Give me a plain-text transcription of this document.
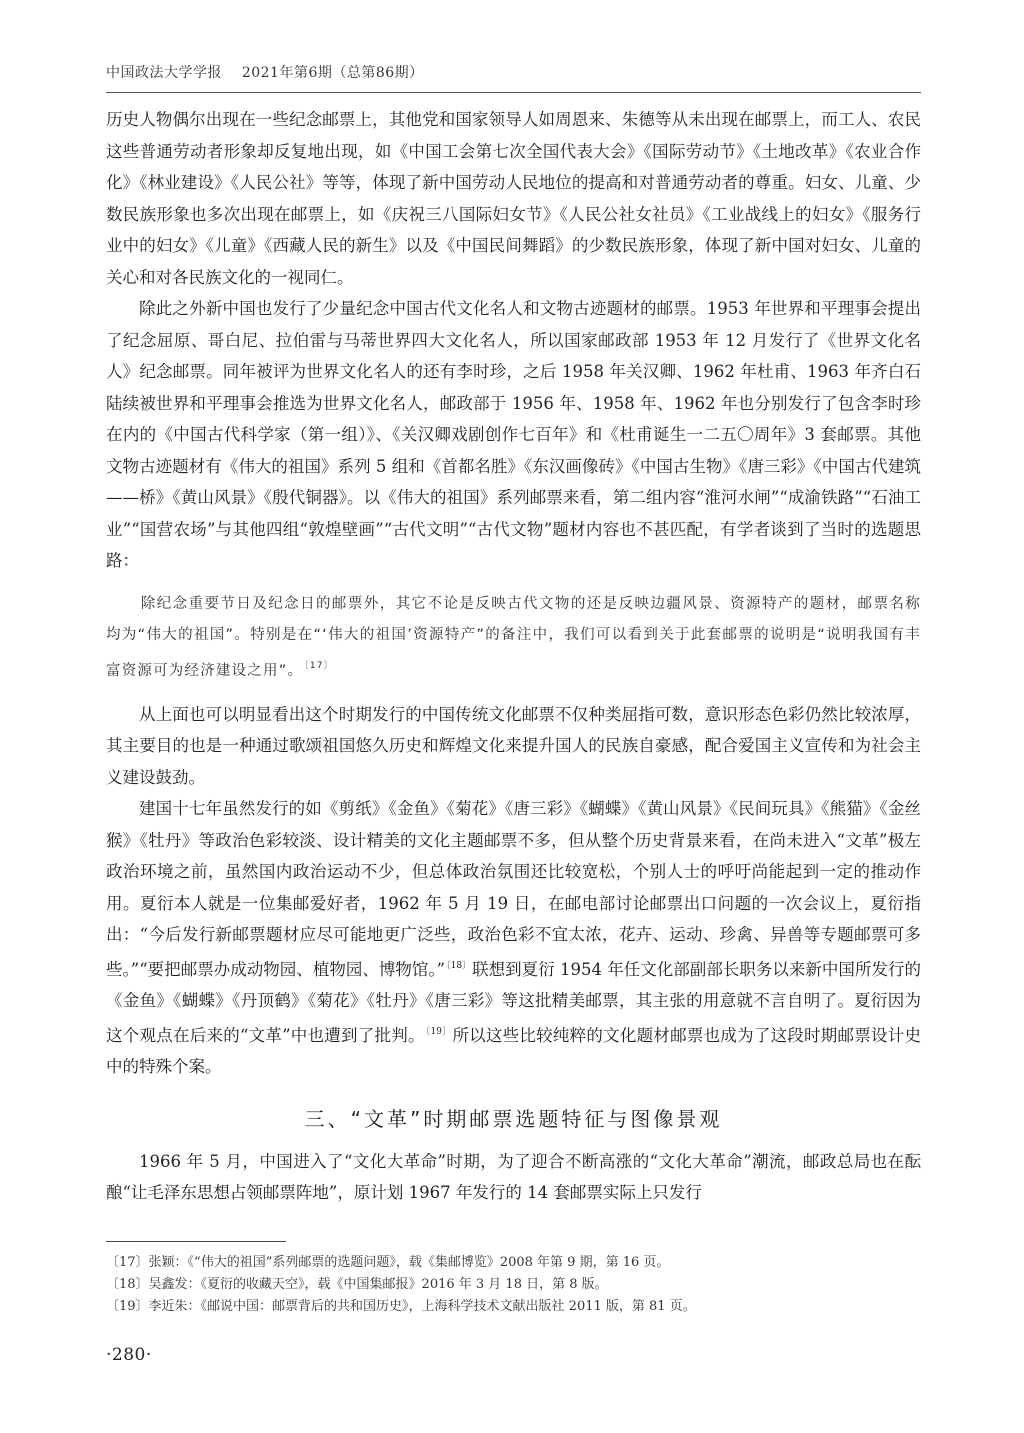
中国政法大学学报 2021年第6期（总第86期）

历史人物偶尔出现在一些纪念邮票上，其他党和国家领导人如周恩来、朱德等从未出现在邮票上，而工人、农民这些普通劳动者形象却反复地出现，如《中国工会第七次全国代表大会》《国际劳动节》《土地改革》《农业合作化》《林业建设》《人民公社》等等，体现了新中国劳动人民地位的提高和对普通劳动者的尊重。妇女、儿童、少数民族形象也多次出现在邮票上，如《庆祝三八国际妇女节》《人民公社女社员》《工业战线上的妇女》《服务行业中的妇女》《儿童》《西藏人民的新生》以及《中国民间舞蹈》的少数民族形象，体现了新中国对妇女、儿童的关心和对各民族文化的一视同仁。

除此之外新中国也发行了少量纪念中国古代文化名人和文物古迹题材的邮票。1953 年世界和平理事会提出了纪念屈原、哥白尼、拉伯雷与马蒂世界四大文化名人，所以国家邮政部 1953 年 12 月发行了《世界文化名人》纪念邮票。同年被评为世界文化名人的还有李时珍，之后 1958 年关汉卿、1962 年杜甫、1963 年齐白石陆续被世界和平理事会推选为世界文化名人，邮政部于 1956 年、1958 年、1962 年也分别发行了包含李时珍在内的《中国古代科学家（第一组）》、《关汉卿戏剧创作七百年》和《杜甫诞生一二五〇周年》3 套邮票。其他文物古迹题材有《伟大的祖国》系列 5 组和《首都名胜》《东汉画像砖》《中国古生物》《唐三彩》《中国古代建筑——桥》《黄山风景》《殷代铜器》。以《伟大的祖国》系列邮票来看，第二组内容“淮河水闸”“成渝铁路”“石油工业”“国营农场”与其他四组“敦煌壁画”“古代文明”“古代文物”题材内容也不甚匹配，有学者谈到了当时的选题思路：

除纪念重要节日及纪念日的邮票外，其它不论是反映古代文物的还是反映边疆风景、资源特产的题材，邮票名称均为“伟大的祖国”。特别是在“‘伟大的祖国’资源特产”的备注中，我们可以看到关于此套邮票的说明是“说明我国有丰富资源可为经济建设之用”。$^{〔17〕}$

从上面也可以明显看出这个时期发行的中国传统文化邮票不仅种类屈指可数，意识形态色彩仍然比较浓厚，其主要目的也是一种通过歌颂祖国悠久历史和辉煌文化来提升国人的民族自豪感，配合爱国主义宣传和为社会主义建设鼓劲。

建国十七年虽然发行的如《剪纸》《金鱼》《菊花》《唐三彩》《蝴蝶》《黄山风景》《民间玩具》《熊猫》《金丝猴》《牡丹》等政治色彩较淡、设计精美的文化主题邮票不多，但从整个历史背景来看，在尚未进入“文革”极左政治环境之前，虽然国内政治运动不少，但总体政治氛围还比较宽松，个别人士的呼吁尚能起到一定的推动作用。夏衍本人就是一位集邮爱好者，1962 年 5 月 19 日，在邮电部讨论邮票出口问题的一次会议上，夏衍指出：“今后发行新邮票题材应尽可能地更广泛些，政治色彩不宜太浓，花卉、运动、珍禽、异兽等专题邮票可多些。”“要把邮票办成动物园、植物园、博物馆。”$^{〔18〕}$联想到夏衍 1954 年任文化部副部长职务以来新中国所发行的《金鱼》《蝴蝶》《丹顶鹤》《菊花》《牡丹》《唐三彩》等这批精美邮票，其主张的用意就不言自明了。夏衍因为这个观点在后来的“文革”中也遭到了批判。$^{〔19〕}$所以这些比较纯粹的文化题材邮票也成为了这段时期邮票设计史中的特殊个案。

三、“文革”时期邮票选题特征与图像景观

1966 年 5 月，中国进入了“文化大革命”时期，为了迎合不断高涨的“文化大革命”潮流，邮政总局也在酝酿“让毛泽东思想占领邮票阵地”，原计划 1967 年发行的 14 套邮票实际上只发行

〔17〕张颖：《“伟大的祖国”系列邮票的选题问题》，载《集邮博览》2008 年第 9 期，第 16 页。

〔18〕吴鑫发：《夏衍的收藏天空》，载《中国集邮报》2016 年 3 月 18 日，第 8 版。

〔19〕李近朱：《邮说中国：邮票背后的共和国历史》，上海科学技术文献出版社 2011 版，第 81 页。

·280·
